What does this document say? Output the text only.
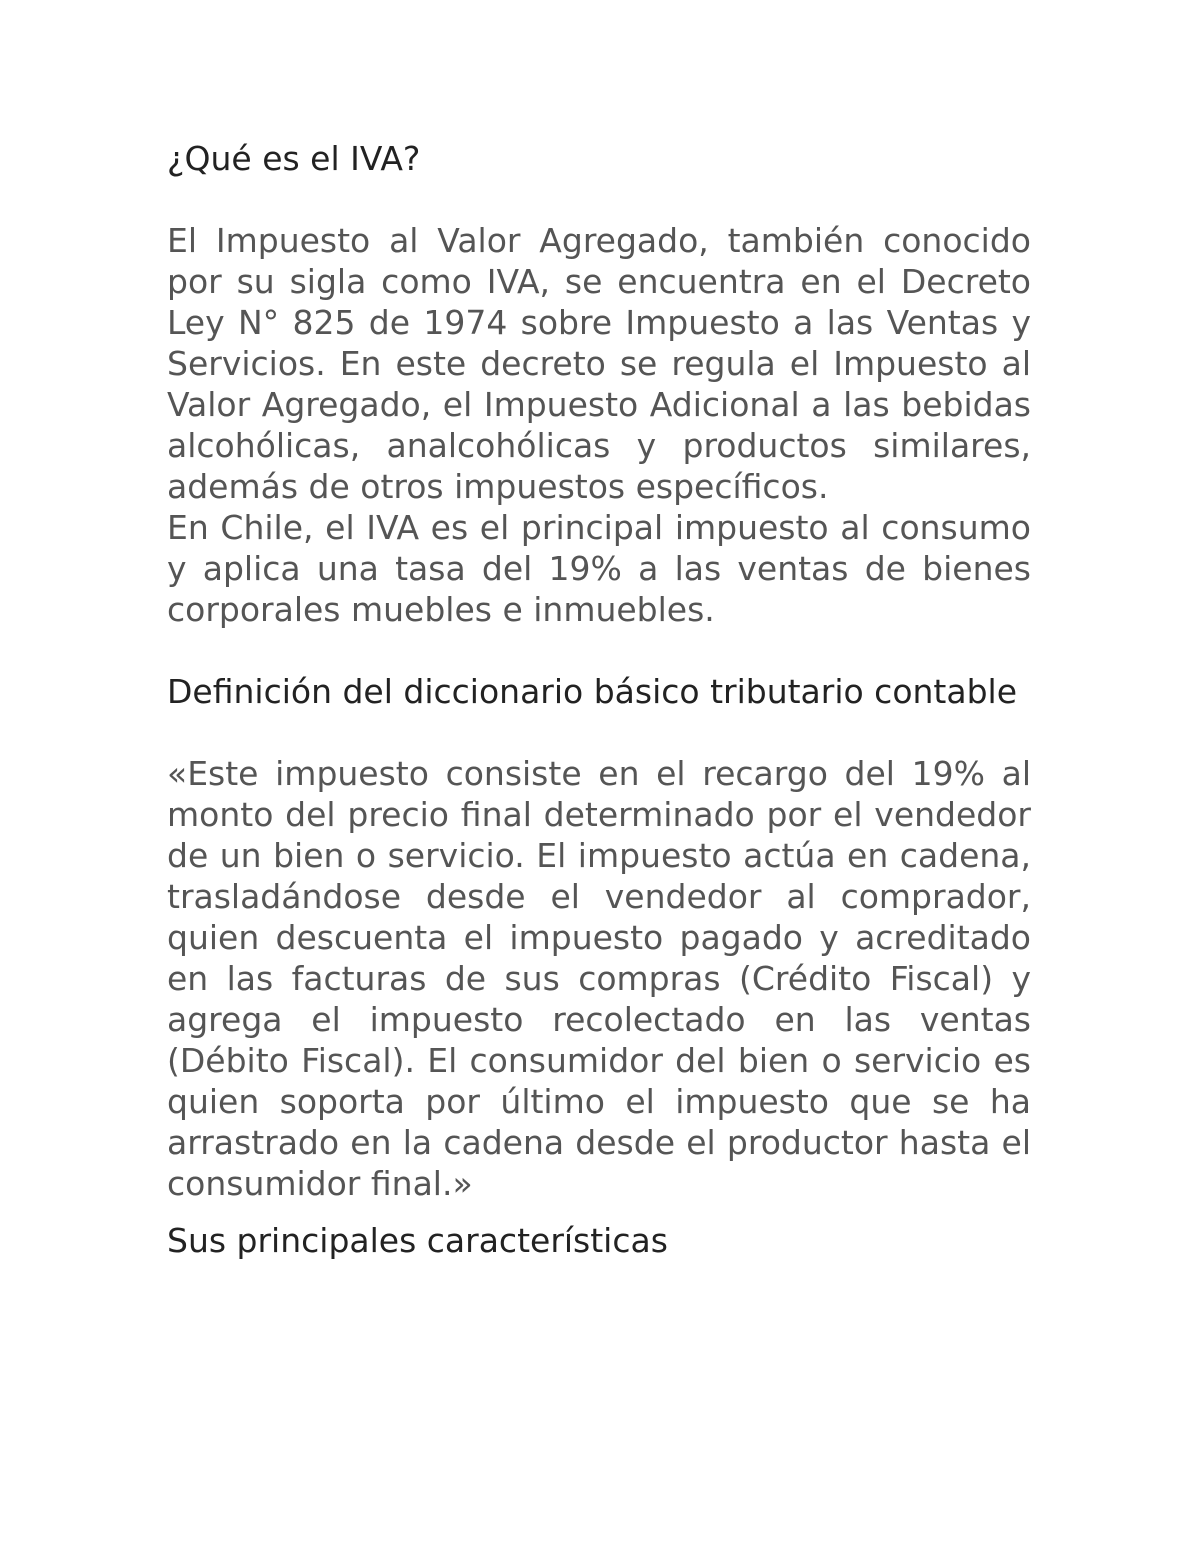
¿Qué es el IVA?

El Impuesto al Valor Agregado, también conocido por su sigla como IVA, se encuentra en el Decreto Ley N° 825 de 1974 sobre Impuesto a las Ventas y Servicios. En este decreto se regula el Impuesto al Valor Agregado, el Impuesto Adicional a las bebidas alcohólicas, analcohólicas y productos similares, además de otros impuestos específicos.

En Chile, el IVA es el principal impuesto al consumo y aplica una tasa del 19% a las ventas de bienes corporales muebles e inmuebles.

Definición del diccionario básico tributario contable

«Este impuesto consiste en el recargo del 19% al monto del precio final determinado por el vendedor de un bien o servicio. El impuesto actúa en cadena, trasladándose desde el vendedor al comprador, quien descuenta el impuesto pagado y acreditado en las facturas de sus compras (Crédito Fiscal) y agrega el impuesto recolectado en las ventas (Débito Fiscal). El consumidor del bien o servicio es quien soporta por último el impuesto que se ha arrastrado en la cadena desde el productor hasta el consumidor final.»

Sus principales características
